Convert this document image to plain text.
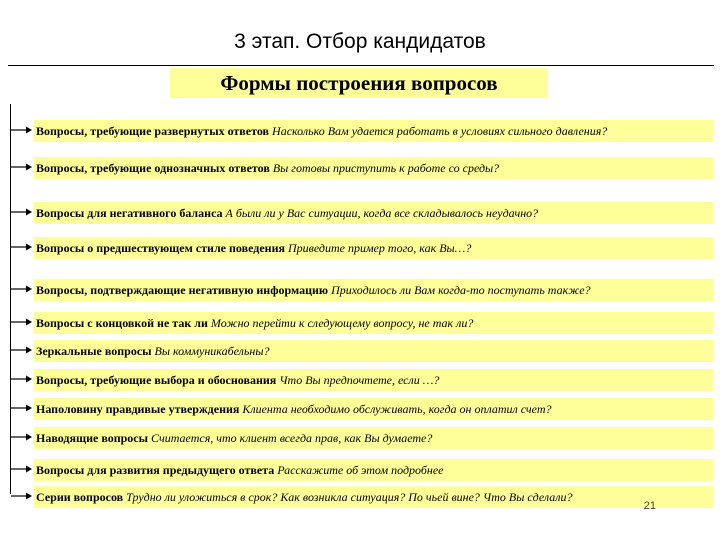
3 этап. Отбор кандидатов
Формы построения вопросов
Вопросы, требующие развернутых ответов Насколько Вам удается работать в условиях сильного давления?
Вопросы, требующие однозначных ответов Вы готовы приступить к работе со среды?
Вопросы для негативного баланса А были ли у Вас ситуации, когда все складывалось неудачно?
Вопросы о предшествующем стиле поведения Приведите пример того, как Вы…?
Вопросы, подтверждающие негативную информацию Приходилось ли Вам когда-то поступать также?
Вопросы с концовкой не так ли Можно перейти к следующему вопросу, не так ли?
Зеркальные вопросы Вы коммуникабельны?
Вопросы, требующие выбора и обоснования Что Вы предпочтете, если …?
Наполовину правдивые утверждения Клиента необходимо обслуживать, когда он оплатил счет?
Наводящие вопросы Считается, что клиент всегда прав, как Вы думаете?
Вопросы для развития предыдущего ответа Расскажите об этом подробнее
Серии вопросов Трудно ли уложиться в срок? Как возникла ситуация? По чьей вине? Что Вы сделали?
21
